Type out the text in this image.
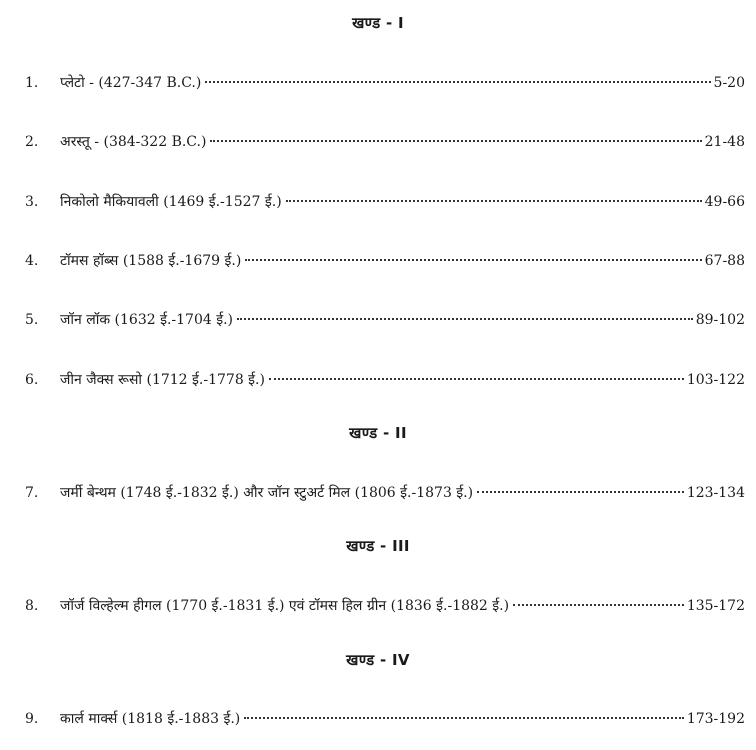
खण्ड - I
1.	प्लेटो - (427-347 B.C.)	5-20
2.	अरस्तू - (384-322 B.C.)	21-48
3.	निकोलो मैकियावली (1469 ई.-1527 ई.)	49-66
4.	टॉमस हॉब्स (1588 ई.-1679 ई.)	67-88
5.	जॉन लॉक (1632 ई.-1704 ई.)	89-102
6.	जीन जैक्स रूसो (1712 ई.-1778 ई.)	103-122
खण्ड - II
7.	जर्मी बेन्थम (1748 ई.-1832 ई.) और जॉन स्टुअर्ट मिल (1806 ई.-1873 ई.)	123-134
खण्ड - III
8.	जॉर्ज विल्हेल्म हीगल (1770 ई.-1831 ई.) एवं टॉमस हिल ग्रीन (1836 ई.-1882 ई.)	135-172
खण्ड - IV
9.	कार्ल मार्क्स (1818 ई.-1883 ई.)	173-192
